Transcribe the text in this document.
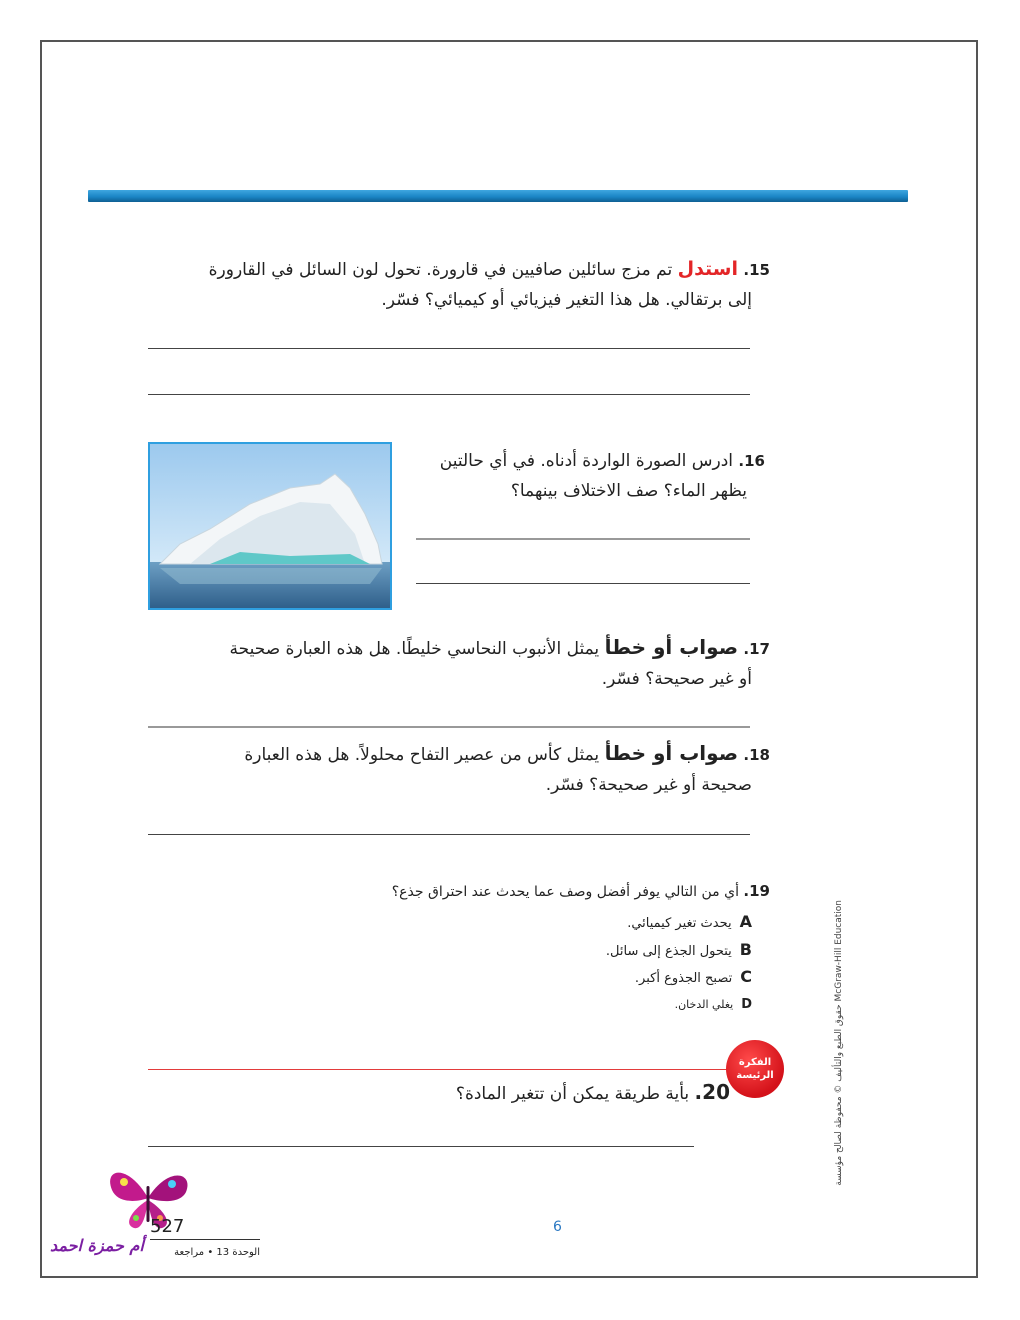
15. استدل تم مزج سائلين صافيين في قارورة. تحول لون السائل في القارورة
إلى برتقالي. هل هذا التغير فيزيائي أو كيميائي؟ فسّر.
16. ادرس الصورة الواردة أدناه. في أي حالتين
يظهر الماء؟ صف الاختلاف بينهما؟
17. صواب أو خطأ يمثل الأنبوب النحاسي خليطًا. هل هذه العبارة صحيحة
أو غير صحيحة؟ فسّر.
18. صواب أو خطأ يمثل كأس من عصير التفاح محلولاً. هل هذه العبارة
صحيحة أو غير صحيحة؟ فسّر.
19. أي من التالي يوفر أفضل وصف عما يحدث عند احتراق جذع؟
Aيحدث تغير كيميائي.
Bيتحول الجذع إلى سائل.
Cتصبح الجذوع أكبر.
Dيغلي الدخان.
الفكرة
الرئيسة
20. بأية طريقة يمكن أن تتغير المادة؟	McGraw-Hill Education حقوق الطبع والتأليف © محفوظة لصالح مؤسسة
527
الوحدة 13 • مراجعة
أم حمزة احمد
6
